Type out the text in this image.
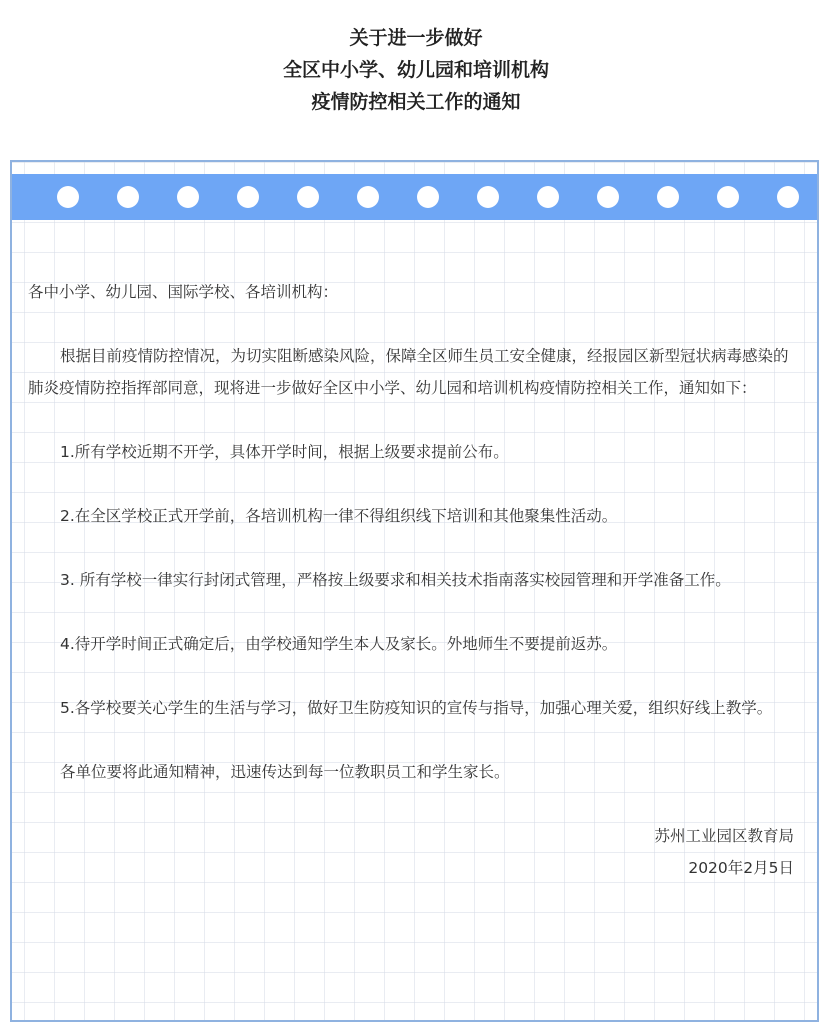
关于进一步做好
全区中小学、幼儿园和培训机构
疫情防控相关工作的通知

各中小学、幼儿园、国际学校、各培训机构：

根据目前疫情防控情况，为切实阻断感染风险，保障全区师生员工安全健康，经报园区新型冠状病毒感染的肺炎疫情防控指挥部同意，现将进一步做好全区中小学、幼儿园和培训机构疫情防控相关工作，通知如下：

1.所有学校近期不开学，具体开学时间，根据上级要求提前公布。

2.在全区学校正式开学前，各培训机构一律不得组织线下培训和其他聚集性活动。

3. 所有学校一律实行封闭式管理，严格按上级要求和相关技术指南落实校园管理和开学准备工作。

4.待开学时间正式确定后，由学校通知学生本人及家长。外地师生不要提前返苏。

5.各学校要关心学生的生活与学习，做好卫生防疫知识的宣传与指导，加强心理关爱，组织好线上教学。

各单位要将此通知精神，迅速传达到每一位教职员工和学生家长。

苏州工业园区教育局

2020年2月5日
